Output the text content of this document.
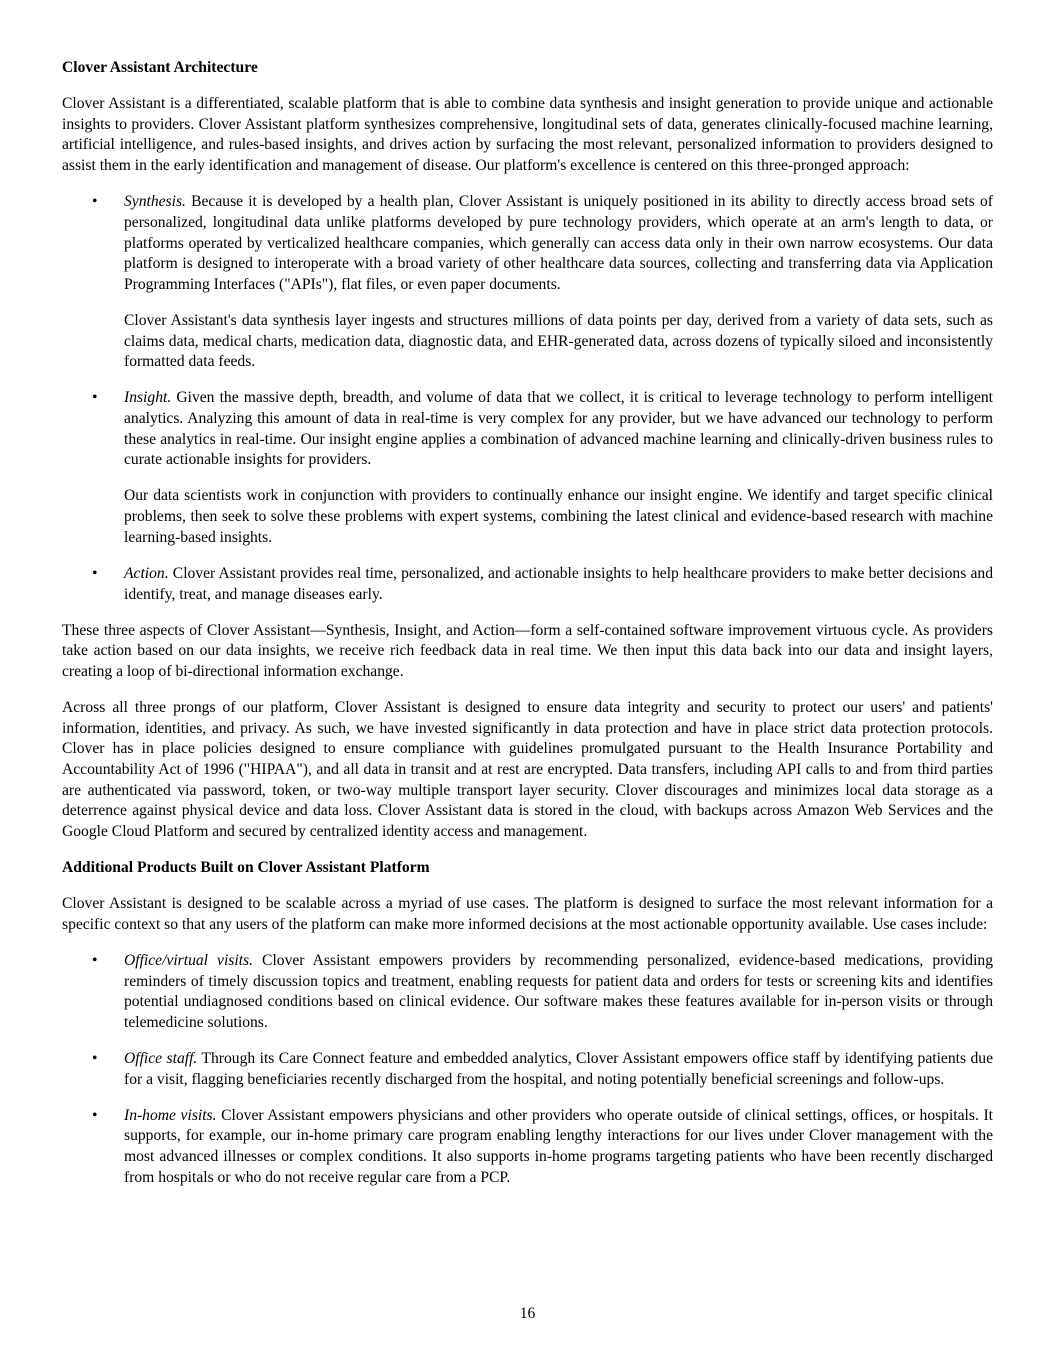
Clover Assistant Architecture

Clover Assistant is a differentiated, scalable platform that is able to combine data synthesis and insight generation to provide unique and actionable insights to providers. Clover Assistant platform synthesizes comprehensive, longitudinal sets of data, generates clinically-focused machine learning, artificial intelligence, and rules-based insights, and drives action by surfacing the most relevant, personalized information to providers designed to assist them in the early identification and management of disease. Our platform's excellence is centered on this three-pronged approach:

• Synthesis. Because it is developed by a health plan, Clover Assistant is uniquely positioned in its ability to directly access broad sets of personalized, longitudinal data unlike platforms developed by pure technology providers, which operate at an arm's length to data, or platforms operated by verticalized healthcare companies, which generally can access data only in their own narrow ecosystems. Our data platform is designed to interoperate with a broad variety of other healthcare data sources, collecting and transferring data via Application Programming Interfaces ("APIs"), flat files, or even paper documents.

Clover Assistant's data synthesis layer ingests and structures millions of data points per day, derived from a variety of data sets, such as claims data, medical charts, medication data, diagnostic data, and EHR-generated data, across dozens of typically siloed and inconsistently formatted data feeds.

• Insight. Given the massive depth, breadth, and volume of data that we collect, it is critical to leverage technology to perform intelligent analytics. Analyzing this amount of data in real-time is very complex for any provider, but we have advanced our technology to perform these analytics in real-time. Our insight engine applies a combination of advanced machine learning and clinically-driven business rules to curate actionable insights for providers.

Our data scientists work in conjunction with providers to continually enhance our insight engine. We identify and target specific clinical problems, then seek to solve these problems with expert systems, combining the latest clinical and evidence-based research with machine learning-based insights.

• Action. Clover Assistant provides real time, personalized, and actionable insights to help healthcare providers to make better decisions and identify, treat, and manage diseases early.

These three aspects of Clover Assistant—Synthesis, Insight, and Action—form a self-contained software improvement virtuous cycle. As providers take action based on our data insights, we receive rich feedback data in real time. We then input this data back into our data and insight layers, creating a loop of bi-directional information exchange.

Across all three prongs of our platform, Clover Assistant is designed to ensure data integrity and security to protect our users' and patients' information, identities, and privacy. As such, we have invested significantly in data protection and have in place strict data protection protocols. Clover has in place policies designed to ensure compliance with guidelines promulgated pursuant to the Health Insurance Portability and Accountability Act of 1996 ("HIPAA"), and all data in transit and at rest are encrypted. Data transfers, including API calls to and from third parties are authenticated via password, token, or two-way multiple transport layer security. Clover discourages and minimizes local data storage as a deterrence against physical device and data loss. Clover Assistant data is stored in the cloud, with backups across Amazon Web Services and the Google Cloud Platform and secured by centralized identity access and management.

Additional Products Built on Clover Assistant Platform

Clover Assistant is designed to be scalable across a myriad of use cases. The platform is designed to surface the most relevant information for a specific context so that any users of the platform can make more informed decisions at the most actionable opportunity available. Use cases include:

• Office/virtual visits. Clover Assistant empowers providers by recommending personalized, evidence-based medications, providing reminders of timely discussion topics and treatment, enabling requests for patient data and orders for tests or screening kits and identifies potential undiagnosed conditions based on clinical evidence. Our software makes these features available for in-person visits or through telemedicine solutions.
• Office staff. Through its Care Connect feature and embedded analytics, Clover Assistant empowers office staff by identifying patients due for a visit, flagging beneficiaries recently discharged from the hospital, and noting potentially beneficial screenings and follow-ups.
• In-home visits. Clover Assistant empowers physicians and other providers who operate outside of clinical settings, offices, or hospitals. It supports, for example, our in-home primary care program enabling lengthy interactions for our lives under Clover management with the most advanced illnesses or complex conditions. It also supports in-home programs targeting patients who have been recently discharged from hospitals or who do not receive regular care from a PCP.
16
